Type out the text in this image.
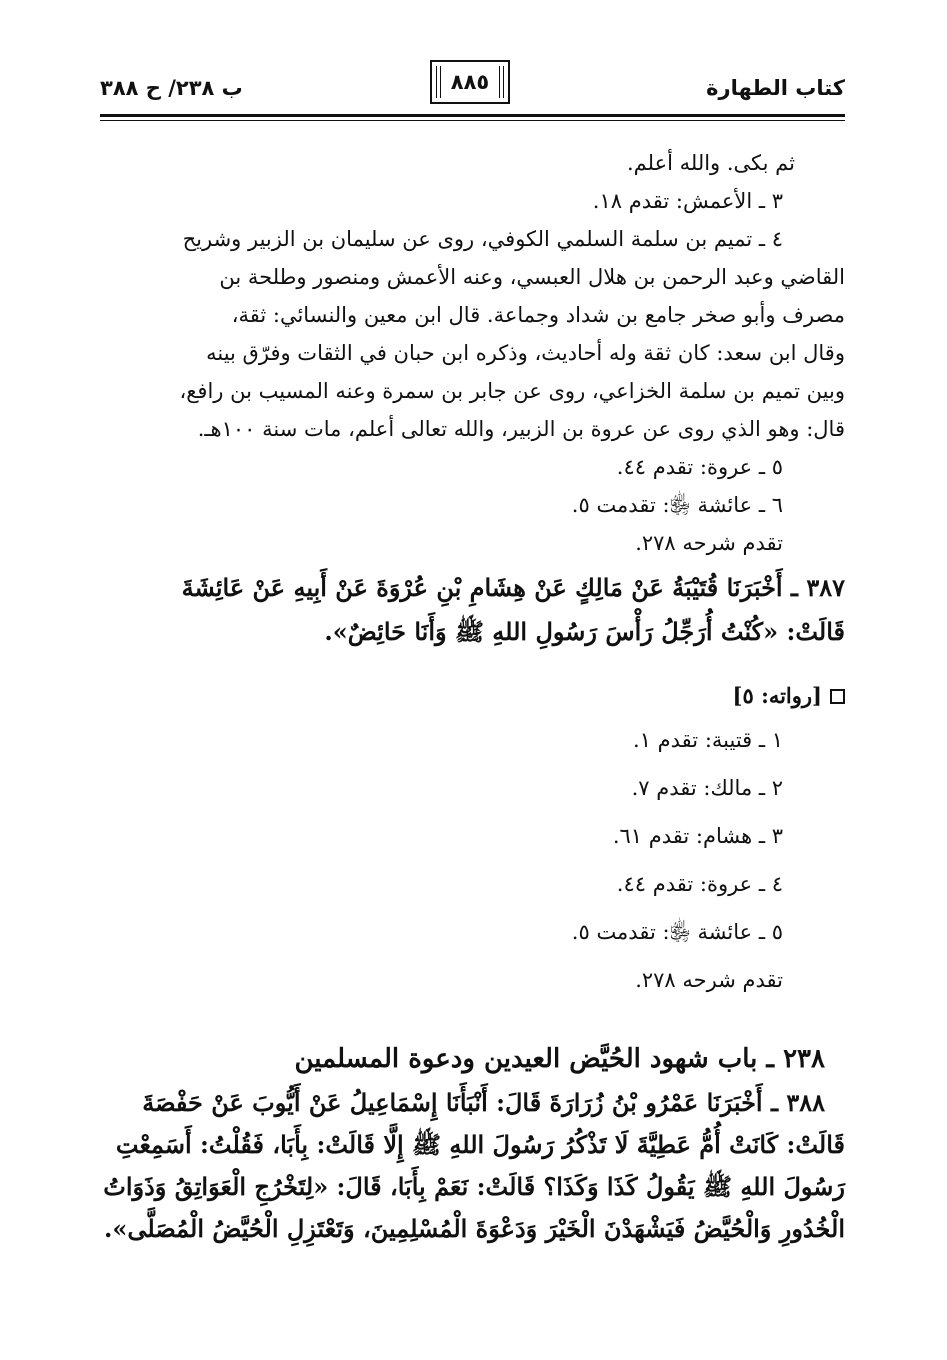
كتاب الطهارة
٨٨٥
ب ٢٣٨/ ح ٣٨٨
ثم بكى. والله أعلم.
٣ ـ الأعمش: تقدم ١٨.
٤ ـ تميم بن سلمة السلمي الكوفي، روى عن سليمان بن الزبير وشريح
القاضي وعبد الرحمن بن هلال العبسي، وعنه الأعمش ومنصور وطلحة بن
مصرف وأبو صخر جامع بن شداد وجماعة. قال ابن معين والنسائي: ثقة،
وقال ابن سعد: كان ثقة وله أحاديث، وذكره ابن حبان في الثقات وفرّق بينه
وبين تميم بن سلمة الخزاعي، روى عن جابر بن سمرة وعنه المسيب بن رافع،
قال: وهو الذي روى عن عروة بن الزبير، والله تعالى أعلم، مات سنة ١٠٠هـ.
٥ ـ عروة: تقدم ٤٤.
٦ ـ عائشة ﵂: تقدمت ٥.
تقدم شرحه ٢٧٨.
٣٨٧ ـ أَخْبَرَنَا قُتَيْبَةُ عَنْ مَالِكٍ عَنْ هِشَامِ بْنِ عُرْوَةَ عَنْ أَبِيهِ عَنْ عَائِشَةَ
قَالَتْ: «كُنْتُ أُرَجِّلُ رَأْسَ رَسُولِ اللهِ ﷺ وَأَنَا حَائِضٌ».
[رواته: ٥]
١ ـ قتيبة: تقدم ١.
٢ ـ مالك: تقدم ٧.
٣ ـ هشام: تقدم ٦١.
٤ ـ عروة: تقدم ٤٤.
٥ ـ عائشة ﵂: تقدمت ٥.
تقدم شرحه ٢٧٨.
٢٣٨ ـ باب شهود الحُيَّض العيدين ودعوة المسلمين
٣٨٨ ـ أَخْبَرَنَا عَمْرُو بْنُ زُرَارَةَ قَالَ: أَنْبَأَنَا إِسْمَاعِيلُ عَنْ أَيُّوبَ عَنْ حَفْصَةَ
قَالَتْ: كَانَتْ أُمُّ عَطِيَّةَ لَا تَذْكُرُ رَسُولَ اللهِ ﷺ إِلَّا قَالَتْ: بِأَبَا، فَقُلْتُ: أَسَمِعْتِ
رَسُولَ اللهِ ﷺ يَقُولُ كَذَا وَكَذَا؟ قَالَتْ: نَعَمْ بِأَبَا، قَالَ: «لِتَخْرُجِ الْعَوَاتِقُ وَذَوَاتُ
الْخُدُورِ وَالْحُيَّضُ فَيَشْهَدْنَ الْخَيْرَ وَدَعْوَةَ الْمُسْلِمِينَ، وَتَعْتَزِلِ الْحُيَّضُ الْمُصَلَّى».
